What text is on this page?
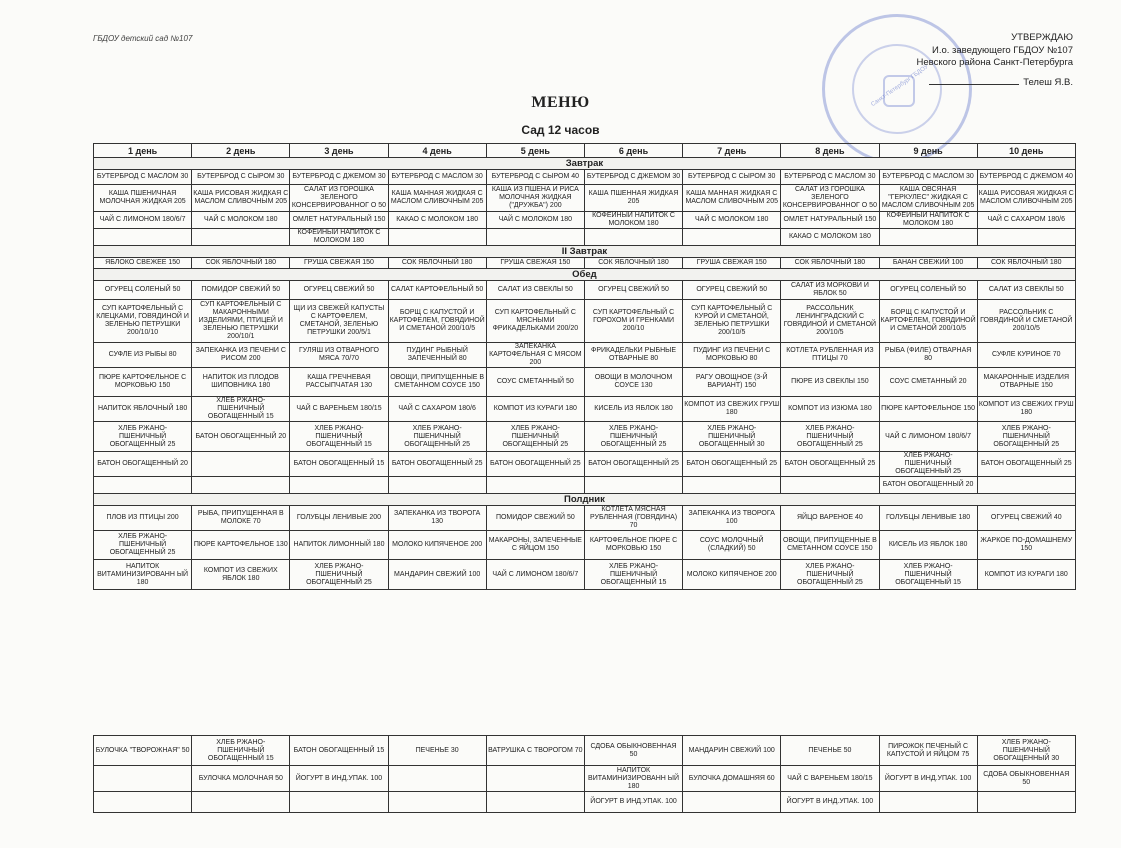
ГБДОУ детский сад №107
Санкт-Петербург ГБДОУ
УТВЕРЖДАЮ
И.о. заведующего ГБДОУ №107
Невского района Санкт-Петербурга
Телеш Я.В.
МЕНЮ
Сад 12 часов
1 день	2 день	3 день	4 день	5 день	6 день	7 день	8 день	9 день	10 день
Завтрак									
БУТЕРБРОД С МАСЛОМ 30	БУТЕРБРОД С СЫРОМ 30	БУТЕРБРОД С ДЖЕМОМ 30	БУТЕРБРОД С МАСЛОМ 30	БУТЕРБРОД С СЫРОМ 40	БУТЕРБРОД С ДЖЕМОМ 30	БУТЕРБРОД С СЫРОМ 30	БУТЕРБРОД С МАСЛОМ 30	БУТЕРБРОД С МАСЛОМ 30	БУТЕРБРОД С ДЖЕМОМ 40
КАША ПШЕНИЧНАЯ МОЛОЧНАЯ ЖИДКАЯ 205	КАША РИСОВАЯ ЖИДКАЯ С МАСЛОМ СЛИВОЧНЫМ 205	САЛАТ ИЗ ГОРОШКА ЗЕЛЕНОГО КОНСЕРВИРОВАННОГ О 50	КАША МАННАЯ ЖИДКАЯ С МАСЛОМ СЛИВОЧНЫМ 205	КАША ИЗ ПШЕНА И РИСА МОЛОЧНАЯ ЖИДКАЯ ("ДРУЖБА") 200	КАША ПШЕННАЯ ЖИДКАЯ 205	КАША МАННАЯ ЖИДКАЯ С МАСЛОМ СЛИВОЧНЫМ 205	САЛАТ ИЗ ГОРОШКА ЗЕЛЕНОГО КОНСЕРВИРОВАННОГ О 50	КАША ОВСЯНАЯ "ГЕРКУЛЕС" ЖИДКАЯ С МАСЛОМ СЛИВОЧНЫМ 205	КАША РИСОВАЯ ЖИДКАЯ С МАСЛОМ СЛИВОЧНЫМ 205
ЧАЙ С ЛИМОНОМ 180/6/7	ЧАЙ С МОЛОКОМ 180	ОМЛЕТ НАТУРАЛЬНЫЙ 150	КАКАО С МОЛОКОМ 180	ЧАЙ С МОЛОКОМ 180	КОФЕЙНЫЙ НАПИТОК С МОЛОКОМ 180	ЧАЙ С МОЛОКОМ 180	ОМЛЕТ НАТУРАЛЬНЫЙ 150	КОФЕЙНЫЙ НАПИТОК С МОЛОКОМ 180	ЧАЙ С САХАРОМ 180/6
		КОФЕЙНЫЙ НАПИТОК С МОЛОКОМ 180					КАКАО С МОЛОКОМ 180		
II Завтрак									
ЯБЛОКО СВЕЖЕЕ 150	СОК ЯБЛОЧНЫЙ 180	ГРУША СВЕЖАЯ 150	СОК ЯБЛОЧНЫЙ 180	ГРУША СВЕЖАЯ 150	СОК ЯБЛОЧНЫЙ 180	ГРУША СВЕЖАЯ 150	СОК ЯБЛОЧНЫЙ 180	БАНАН СВЕЖИЙ 100	СОК ЯБЛОЧНЫЙ 180
Обед									
ОГУРЕЦ СОЛЕНЫЙ 50	ПОМИДОР СВЕЖИЙ 50	ОГУРЕЦ СВЕЖИЙ 50	САЛАТ КАРТОФЕЛЬНЫЙ 50	САЛАТ ИЗ СВЕКЛЫ 50	ОГУРЕЦ СВЕЖИЙ 50	ОГУРЕЦ СВЕЖИЙ 50	САЛАТ ИЗ МОРКОВИ И ЯБЛОК 50	ОГУРЕЦ СОЛЕНЫЙ 50	САЛАТ ИЗ СВЕКЛЫ 50
СУП КАРТОФЕЛЬНЫЙ С КЛЕЦКАМИ, ГОВЯДИНОЙ И ЗЕЛЕНЬЮ ПЕТРУШКИ 200/10/10	СУП КАРТОФЕЛЬНЫЙ С МАКАРОННЫМИ ИЗДЕЛИЯМИ, ПТИЦЕЙ И ЗЕЛЕНЬЮ ПЕТРУШКИ 200/10/1	ЩИ ИЗ СВЕЖЕЙ КАПУСТЫ С КАРТОФЕЛЕМ, СМЕТАНОЙ, ЗЕЛЕНЬЮ ПЕТРУШКИ 200/5/1	БОРЩ С КАПУСТОЙ И КАРТОФЕЛЕМ, ГОВЯДИНОЙ И СМЕТАНОЙ 200/10/5	СУП КАРТОФЕЛЬНЫЙ С МЯСНЫМИ ФРИКАДЕЛЬКАМИ 200/20	СУП КАРТОФЕЛЬНЫЙ С ГОРОХОМ И ГРЕНКАМИ 200/10	СУП КАРТОФЕЛЬНЫЙ С КУРОЙ И СМЕТАНОЙ, ЗЕЛЕНЬЮ ПЕТРУШКИ 200/10/5	РАССОЛЬНИК ЛЕНИНГРАДСКИЙ С ГОВЯДИНОЙ И СМЕТАНОЙ 200/10/5	БОРЩ С КАПУСТОЙ И КАРТОФЕЛЕМ, ГОВЯДИНОЙ И СМЕТАНОЙ 200/10/5	РАССОЛЬНИК С ГОВЯДИНОЙ И СМЕТАНОЙ 200/10/5
СУФЛЕ ИЗ РЫБЫ 80	ЗАПЕКАНКА ИЗ ПЕЧЕНИ С РИСОМ 200	ГУЛЯШ ИЗ ОТВАРНОГО МЯСА 70/70	ПУДИНГ РЫБНЫЙ ЗАПЕЧЕННЫЙ 80	ЗАПЕКАНКА КАРТОФЕЛЬНАЯ С МЯСОМ 200	ФРИКАДЕЛЬКИ РЫБНЫЕ ОТВАРНЫЕ 80	ПУДИНГ ИЗ ПЕЧЕНИ С МОРКОВЬЮ 80	КОТЛЕТА РУБЛЕННАЯ ИЗ ПТИЦЫ 70	РЫБА (ФИЛЕ) ОТВАРНАЯ 80	СУФЛЕ КУРИНОЕ 70
ПЮРЕ КАРТОФЕЛЬНОЕ С МОРКОВЬЮ 150	НАПИТОК ИЗ ПЛОДОВ ШИПОВНИКА 180	КАША ГРЕЧНЕВАЯ РАССЫПЧАТАЯ 130	ОВОЩИ, ПРИПУЩЕННЫЕ В СМЕТАННОМ СОУСЕ 150	СОУС СМЕТАННЫЙ 50	ОВОЩИ В МОЛОЧНОМ СОУСЕ 130	РАГУ ОВОЩНОЕ (3-Й ВАРИАНТ) 150	ПЮРЕ ИЗ СВЕКЛЫ 150	СОУС СМЕТАННЫЙ 20	МАКАРОННЫЕ ИЗДЕЛИЯ ОТВАРНЫЕ 150
НАПИТОК ЯБЛОЧНЫЙ 180	ХЛЕБ РЖАНО-ПШЕНИЧНЫЙ ОБОГАЩЕННЫЙ 15	ЧАЙ С ВАРЕНЬЕМ 180/15	ЧАЙ С САХАРОМ 180/6	КОМПОТ ИЗ КУРАГИ 180	КИСЕЛЬ ИЗ ЯБЛОК 180	КОМПОТ ИЗ СВЕЖИХ ГРУШ 180	КОМПОТ ИЗ ИЗЮМА 180	ПЮРЕ КАРТОФЕЛЬНОЕ 150	КОМПОТ ИЗ СВЕЖИХ ГРУШ 180
ХЛЕБ РЖАНО-ПШЕНИЧНЫЙ ОБОГАЩЕННЫЙ 25	БАТОН ОБОГАЩЕННЫЙ 20	ХЛЕБ РЖАНО-ПШЕНИЧНЫЙ ОБОГАЩЕННЫЙ 15	ХЛЕБ РЖАНО-ПШЕНИЧНЫЙ ОБОГАЩЕННЫЙ 25	ХЛЕБ РЖАНО-ПШЕНИЧНЫЙ ОБОГАЩЕННЫЙ 25	ХЛЕБ РЖАНО-ПШЕНИЧНЫЙ ОБОГАЩЕННЫЙ 25	ХЛЕБ РЖАНО-ПШЕНИЧНЫЙ ОБОГАЩЕННЫЙ 30	ХЛЕБ РЖАНО-ПШЕНИЧНЫЙ ОБОГАЩЕННЫЙ 25	ЧАЙ С ЛИМОНОМ 180/6/7	ХЛЕБ РЖАНО-ПШЕНИЧНЫЙ ОБОГАЩЕННЫЙ 25
БАТОН ОБОГАЩЕННЫЙ 20		БАТОН ОБОГАЩЕННЫЙ 15	БАТОН ОБОГАЩЕННЫЙ 25	БАТОН ОБОГАЩЕННЫЙ 25	БАТОН ОБОГАЩЕННЫЙ 25	БАТОН ОБОГАЩЕННЫЙ 25	БАТОН ОБОГАЩЕННЫЙ 25	ХЛЕБ РЖАНО-ПШЕНИЧНЫЙ ОБОГАЩЕННЫЙ 25	БАТОН ОБОГАЩЕННЫЙ 25
								БАТОН ОБОГАЩЕННЫЙ 20	
Полдник									
ПЛОВ ИЗ ПТИЦЫ 200	РЫБА, ПРИПУЩЕННАЯ В МОЛОКЕ 70	ГОЛУБЦЫ ЛЕНИВЫЕ 200	ЗАПЕКАНКА ИЗ ТВОРОГА 130	ПОМИДОР СВЕЖИЙ 50	КОТЛЕТА МЯСНАЯ РУБЛЕННАЯ (ГОВЯДИНА) 70	ЗАПЕКАНКА ИЗ ТВОРОГА 100	ЯЙЦО ВАРЕНОЕ 40	ГОЛУБЦЫ ЛЕНИВЫЕ 180	ОГУРЕЦ СВЕЖИЙ 40
ХЛЕБ РЖАНО-ПШЕНИЧНЫЙ ОБОГАЩЕННЫЙ 25	ПЮРЕ КАРТОФЕЛЬНОЕ 130	НАПИТОК ЛИМОННЫЙ 180	МОЛОКО КИПЯЧЕНОЕ 200	МАКАРОНЫ, ЗАПЕЧЕННЫЕ С ЯЙЦОМ 150	КАРТОФЕЛЬНОЕ ПЮРЕ С МОРКОВЬЮ 150	СОУС МОЛОЧНЫЙ (СЛАДКИЙ) 50	ОВОЩИ, ПРИПУЩЕННЫЕ В СМЕТАННОМ СОУСЕ 150	КИСЕЛЬ ИЗ ЯБЛОК 180	ЖАРКОЕ ПО-ДОМАШНЕМУ 150
НАПИТОК ВИТАМИНИЗИРОВАНН ЫЙ 180	КОМПОТ ИЗ СВЕЖИХ ЯБЛОК 180	ХЛЕБ РЖАНО-ПШЕНИЧНЫЙ ОБОГАЩЕННЫЙ 25	МАНДАРИН СВЕЖИЙ 100	ЧАЙ С ЛИМОНОМ 180/6/7	ХЛЕБ РЖАНО-ПШЕНИЧНЫЙ ОБОГАЩЕННЫЙ 15	МОЛОКО КИПЯЧЕНОЕ 200	ХЛЕБ РЖАНО-ПШЕНИЧНЫЙ ОБОГАЩЕННЫЙ 25	ХЛЕБ РЖАНО-ПШЕНИЧНЫЙ ОБОГАЩЕННЫЙ 15	КОМПОТ ИЗ КУРАГИ 180
БУЛОЧКА "ТВОРОЖНАЯ" 50	ХЛЕБ РЖАНО-ПШЕНИЧНЫЙ ОБОГАЩЕННЫЙ 15	БАТОН ОБОГАЩЕННЫЙ 15	ПЕЧЕНЬЕ 30	ВАТРУШКА С ТВОРОГОМ 70	СДОБА ОБЫКНОВЕННАЯ 50	МАНДАРИН СВЕЖИЙ 100	ПЕЧЕНЬЕ 50	ПИРОЖОК ПЕЧЕНЫЙ С КАПУСТОЙ И ЯЙЦОМ 75	ХЛЕБ РЖАНО-ПШЕНИЧНЫЙ ОБОГАЩЕННЫЙ 30
	БУЛОЧКА МОЛОЧНАЯ 50	ЙОГУРТ В ИНД.УПАК. 100			НАПИТОК ВИТАМИНИЗИРОВАНН ЫЙ 180	БУЛОЧКА ДОМАШНЯЯ 60	ЧАЙ С ВАРЕНЬЕМ 180/15	ЙОГУРТ В ИНД.УПАК. 100	СДОБА ОБЫКНОВЕННАЯ 50
					ЙОГУРТ В ИНД.УПАК. 100		ЙОГУРТ В ИНД.УПАК. 100		
